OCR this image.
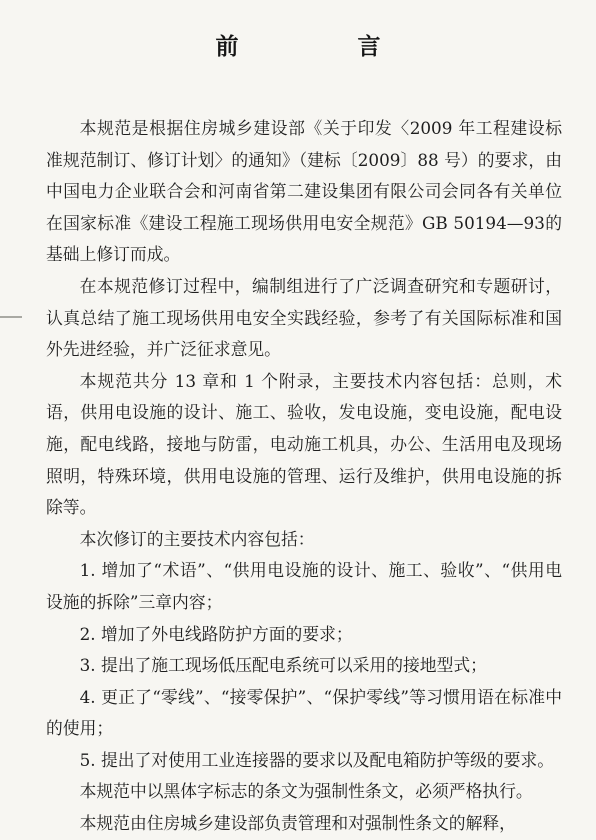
前　言

本规范是根据住房城乡建设部《关于印发〈2009 年工程建设标准规范制订、修订计划〉的通知》（建标〔2009〕88 号）的要求，由中国电力企业联合会和河南省第二建设集团有限公司会同各有关单位在国家标准《建设工程施工现场供用电安全规范》GB 50194—93的基础上修订而成。

在本规范修订过程中，编制组进行了广泛调查研究和专题研讨，认真总结了施工现场供用电安全实践经验，参考了有关国际标准和国外先进经验，并广泛征求意见。

本规范共分 13 章和 1 个附录，主要技术内容包括：总则，术语，供用电设施的设计、施工、验收，发电设施，变电设施，配电设施，配电线路，接地与防雷，电动施工机具，办公、生活用电及现场照明，特殊环境，供用电设施的管理、运行及维护，供用电设施的拆除等。

本次修订的主要技术内容包括：

1. 增加了“术语”、“供用电设施的设计、施工、验收”、“供用电设施的拆除”三章内容；

2. 增加了外电线路防护方面的要求；

3. 提出了施工现场低压配电系统可以采用的接地型式；

4. 更正了“零线”、“接零保护”、“保护零线”等习惯用语在标准中的使用；

5. 提出了对使用工业连接器的要求以及配电箱防护等级的要求。

本规范中以黑体字标志的条文为强制性条文，必须严格执行。

本规范由住房城乡建设部负责管理和对强制性条文的解释，
